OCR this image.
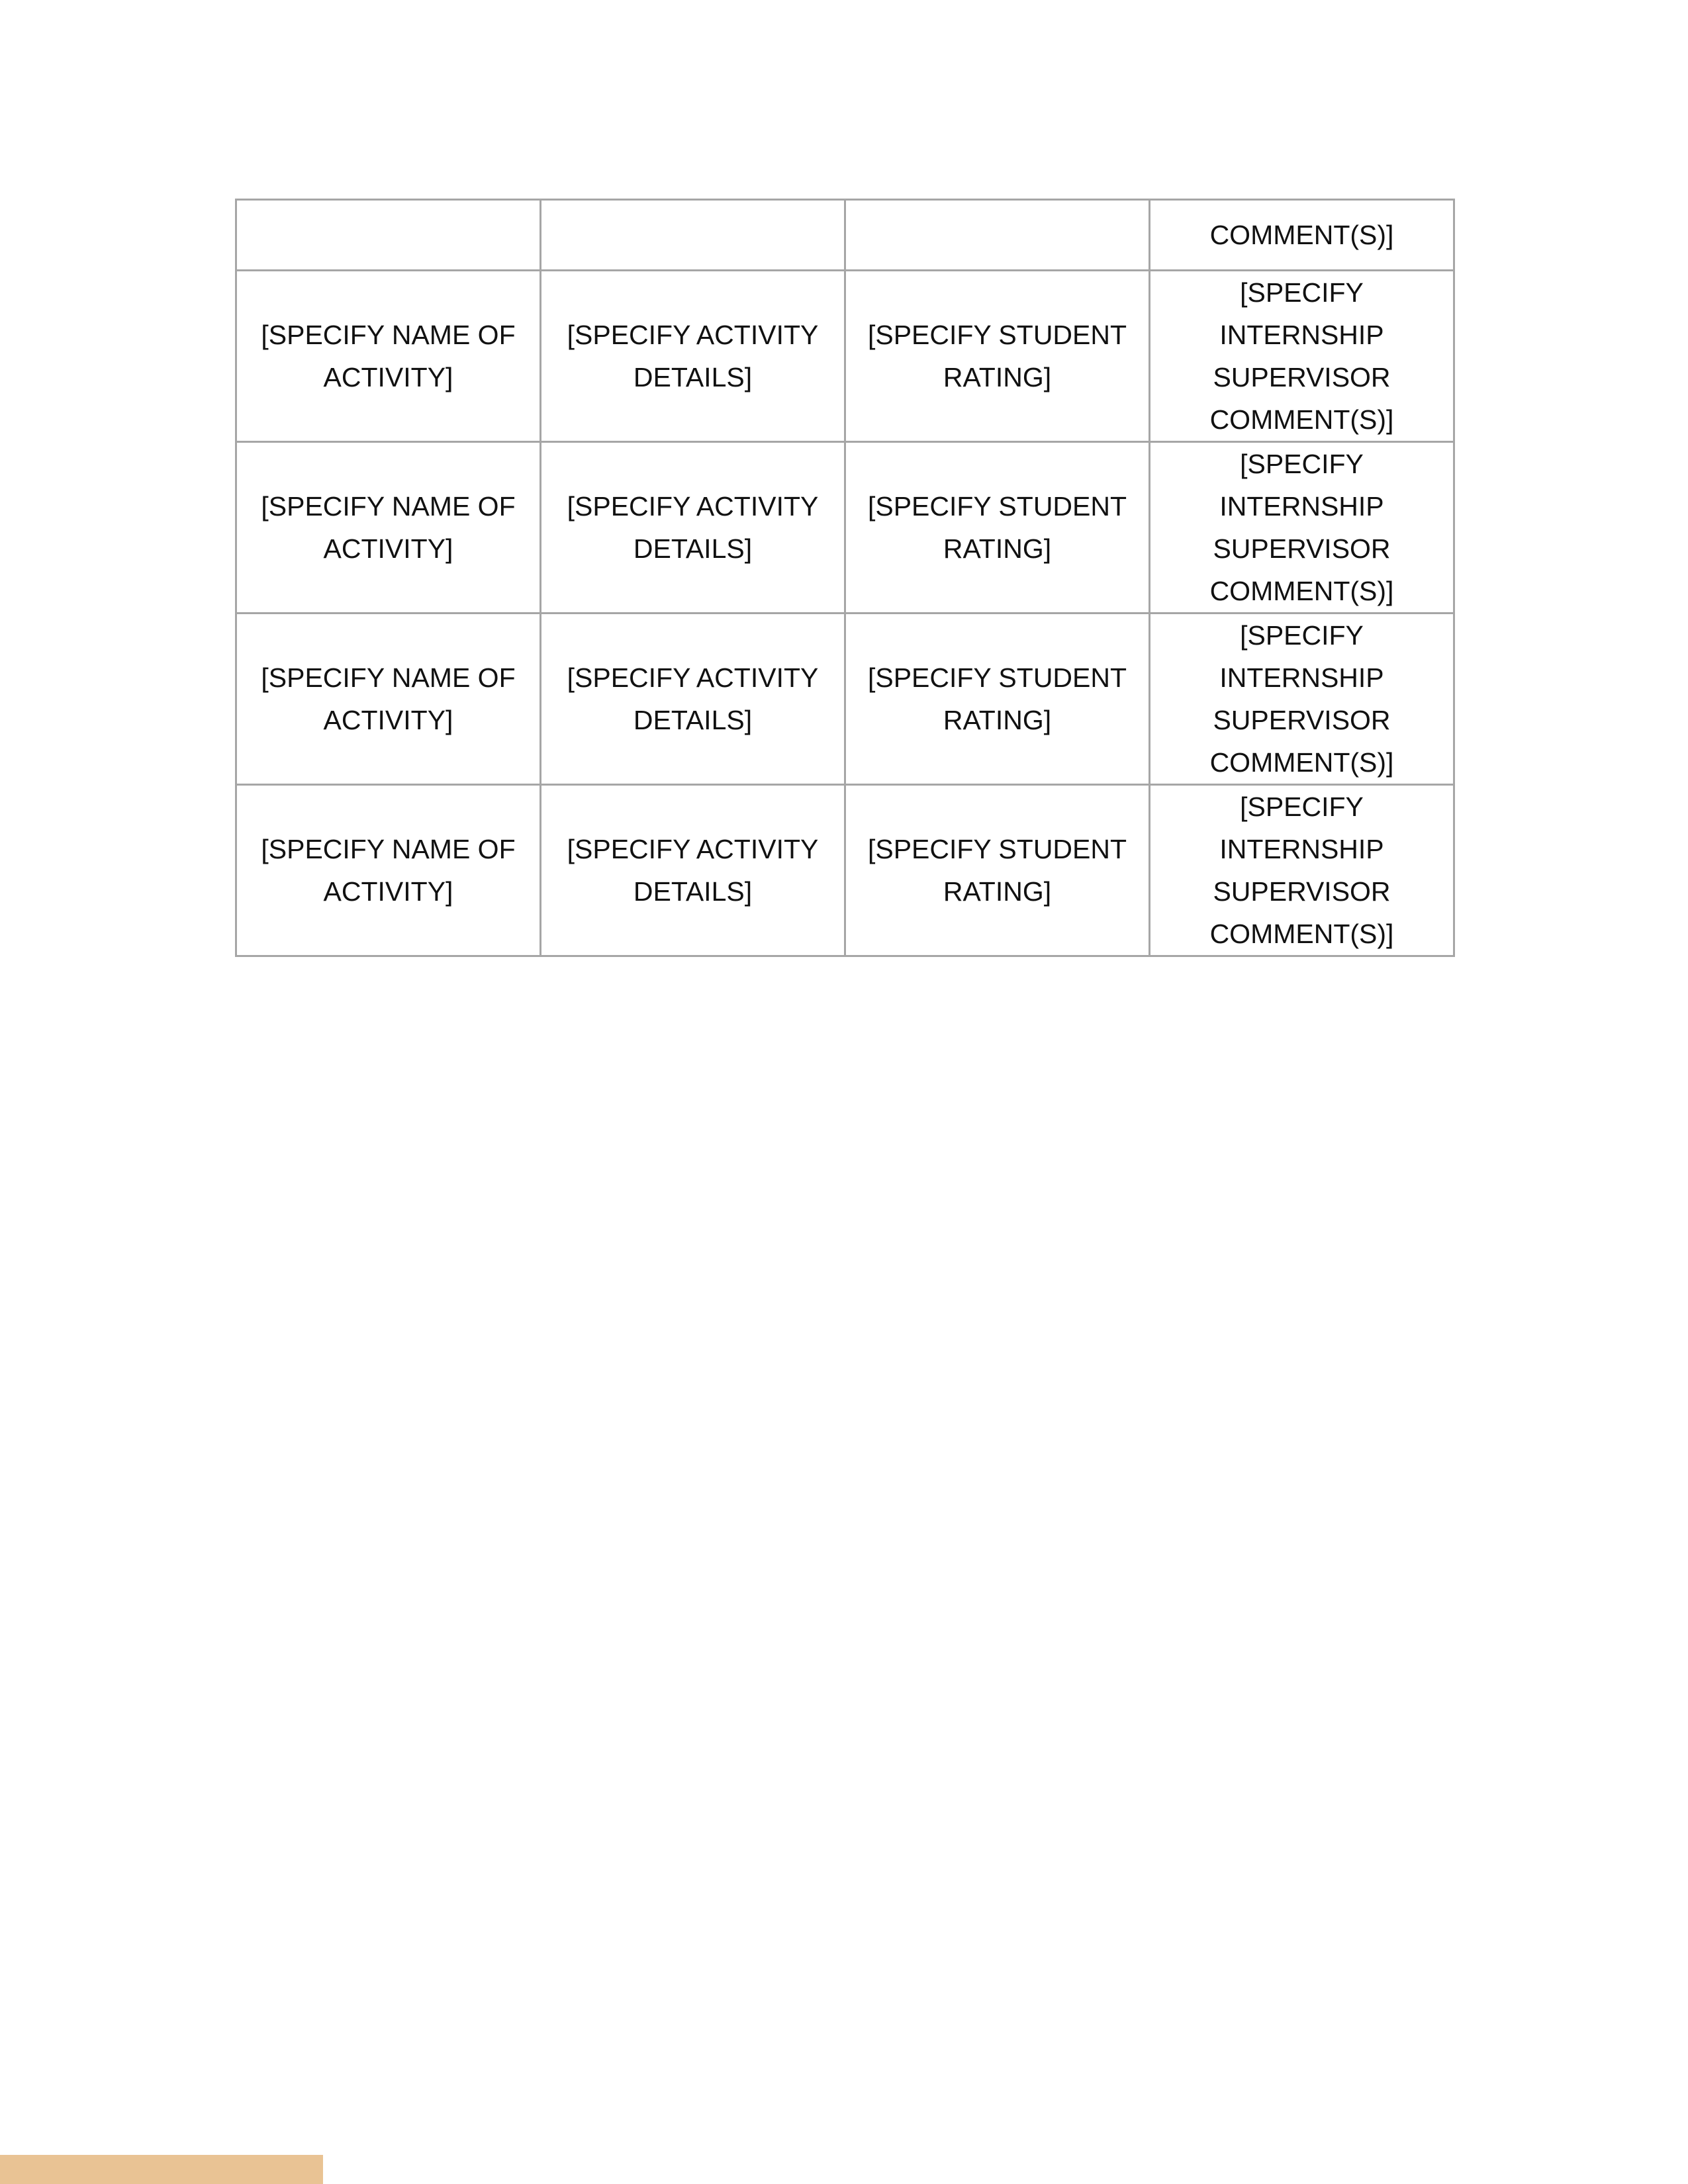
			COMMENT(S)]
[SPECIFY NAME OF
ACTIVITY]	[SPECIFY ACTIVITY
DETAILS]	[SPECIFY STUDENT
RATING]	[SPECIFY INTERNSHIP
SUPERVISOR
COMMENT(S)]
[SPECIFY NAME OF
ACTIVITY]	[SPECIFY ACTIVITY
DETAILS]	[SPECIFY STUDENT
RATING]	[SPECIFY INTERNSHIP
SUPERVISOR
COMMENT(S)]
[SPECIFY NAME OF
ACTIVITY]	[SPECIFY ACTIVITY
DETAILS]	[SPECIFY STUDENT
RATING]	[SPECIFY INTERNSHIP
SUPERVISOR
COMMENT(S)]
[SPECIFY NAME OF
ACTIVITY]	[SPECIFY ACTIVITY
DETAILS]	[SPECIFY STUDENT
RATING]	[SPECIFY INTERNSHIP
SUPERVISOR
COMMENT(S)]
